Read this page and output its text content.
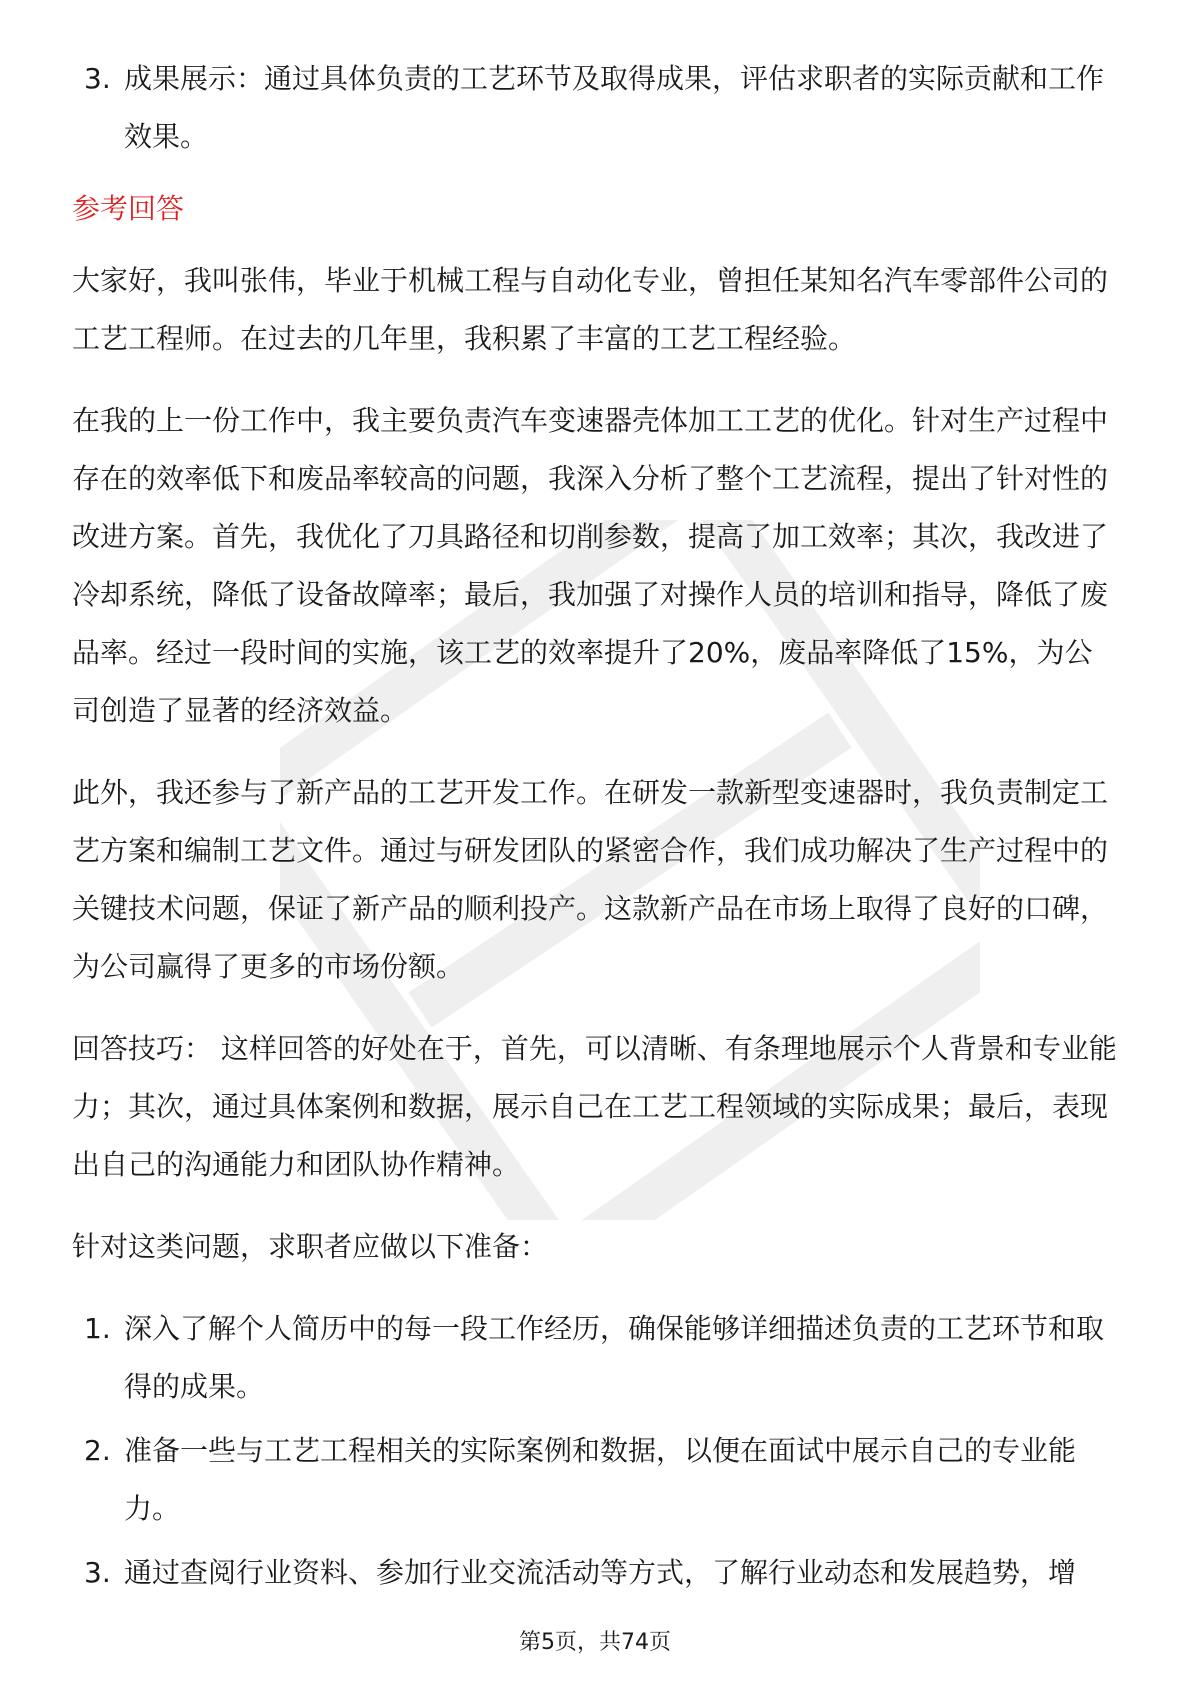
3. 成果展示：通过具体负责的工艺环节及取得成果，评估求职者的实际贡献和工作效果。
参考回答

大家好，我叫张伟，毕业于机械工程与自动化专业，曾担任某知名汽车零部件公司的工艺工程师。在过去的几年里，我积累了丰富的工艺工程经验。

在我的上一份工作中，我主要负责汽车变速器壳体加工工艺的优化。针对生产过程中存在的效率低下和废品率较高的问题，我深入分析了整个工艺流程，提出了针对性的改进方案。首先，我优化了刀具路径和切削参数，提高了加工效率；其次，我改进了冷却系统，降低了设备故障率；最后，我加强了对操作人员的培训和指导，降低了废品率。经过一段时间的实施，该工艺的效率提升了20%，废品率降低了15%，为公司创造了显著的经济效益。

此外，我还参与了新产品的工艺开发工作。在研发一款新型变速器时，我负责制定工艺方案和编制工艺文件。通过与研发团队的紧密合作，我们成功解决了生产过程中的关键技术问题，保证了新产品的顺利投产。这款新产品在市场上取得了良好的口碑，为公司赢得了更多的市场份额。

回答技巧： 这样回答的好处在于，首先，可以清晰、有条理地展示个人背景和专业能力；其次，通过具体案例和数据，展示自己在工艺工程领域的实际成果；最后，表现出自己的沟通能力和团队协作精神。

针对这类问题，求职者应做以下准备：

1. 深入了解个人简历中的每一段工作经历，确保能够详细描述负责的工艺环节和取得的成果。
2. 准备一些与工艺工程相关的实际案例和数据，以便在面试中展示自己的专业能力。
3. 通过查阅行业资料、参加行业交流活动等方式，了解行业动态和发展趋势，增
第5页，共74页
